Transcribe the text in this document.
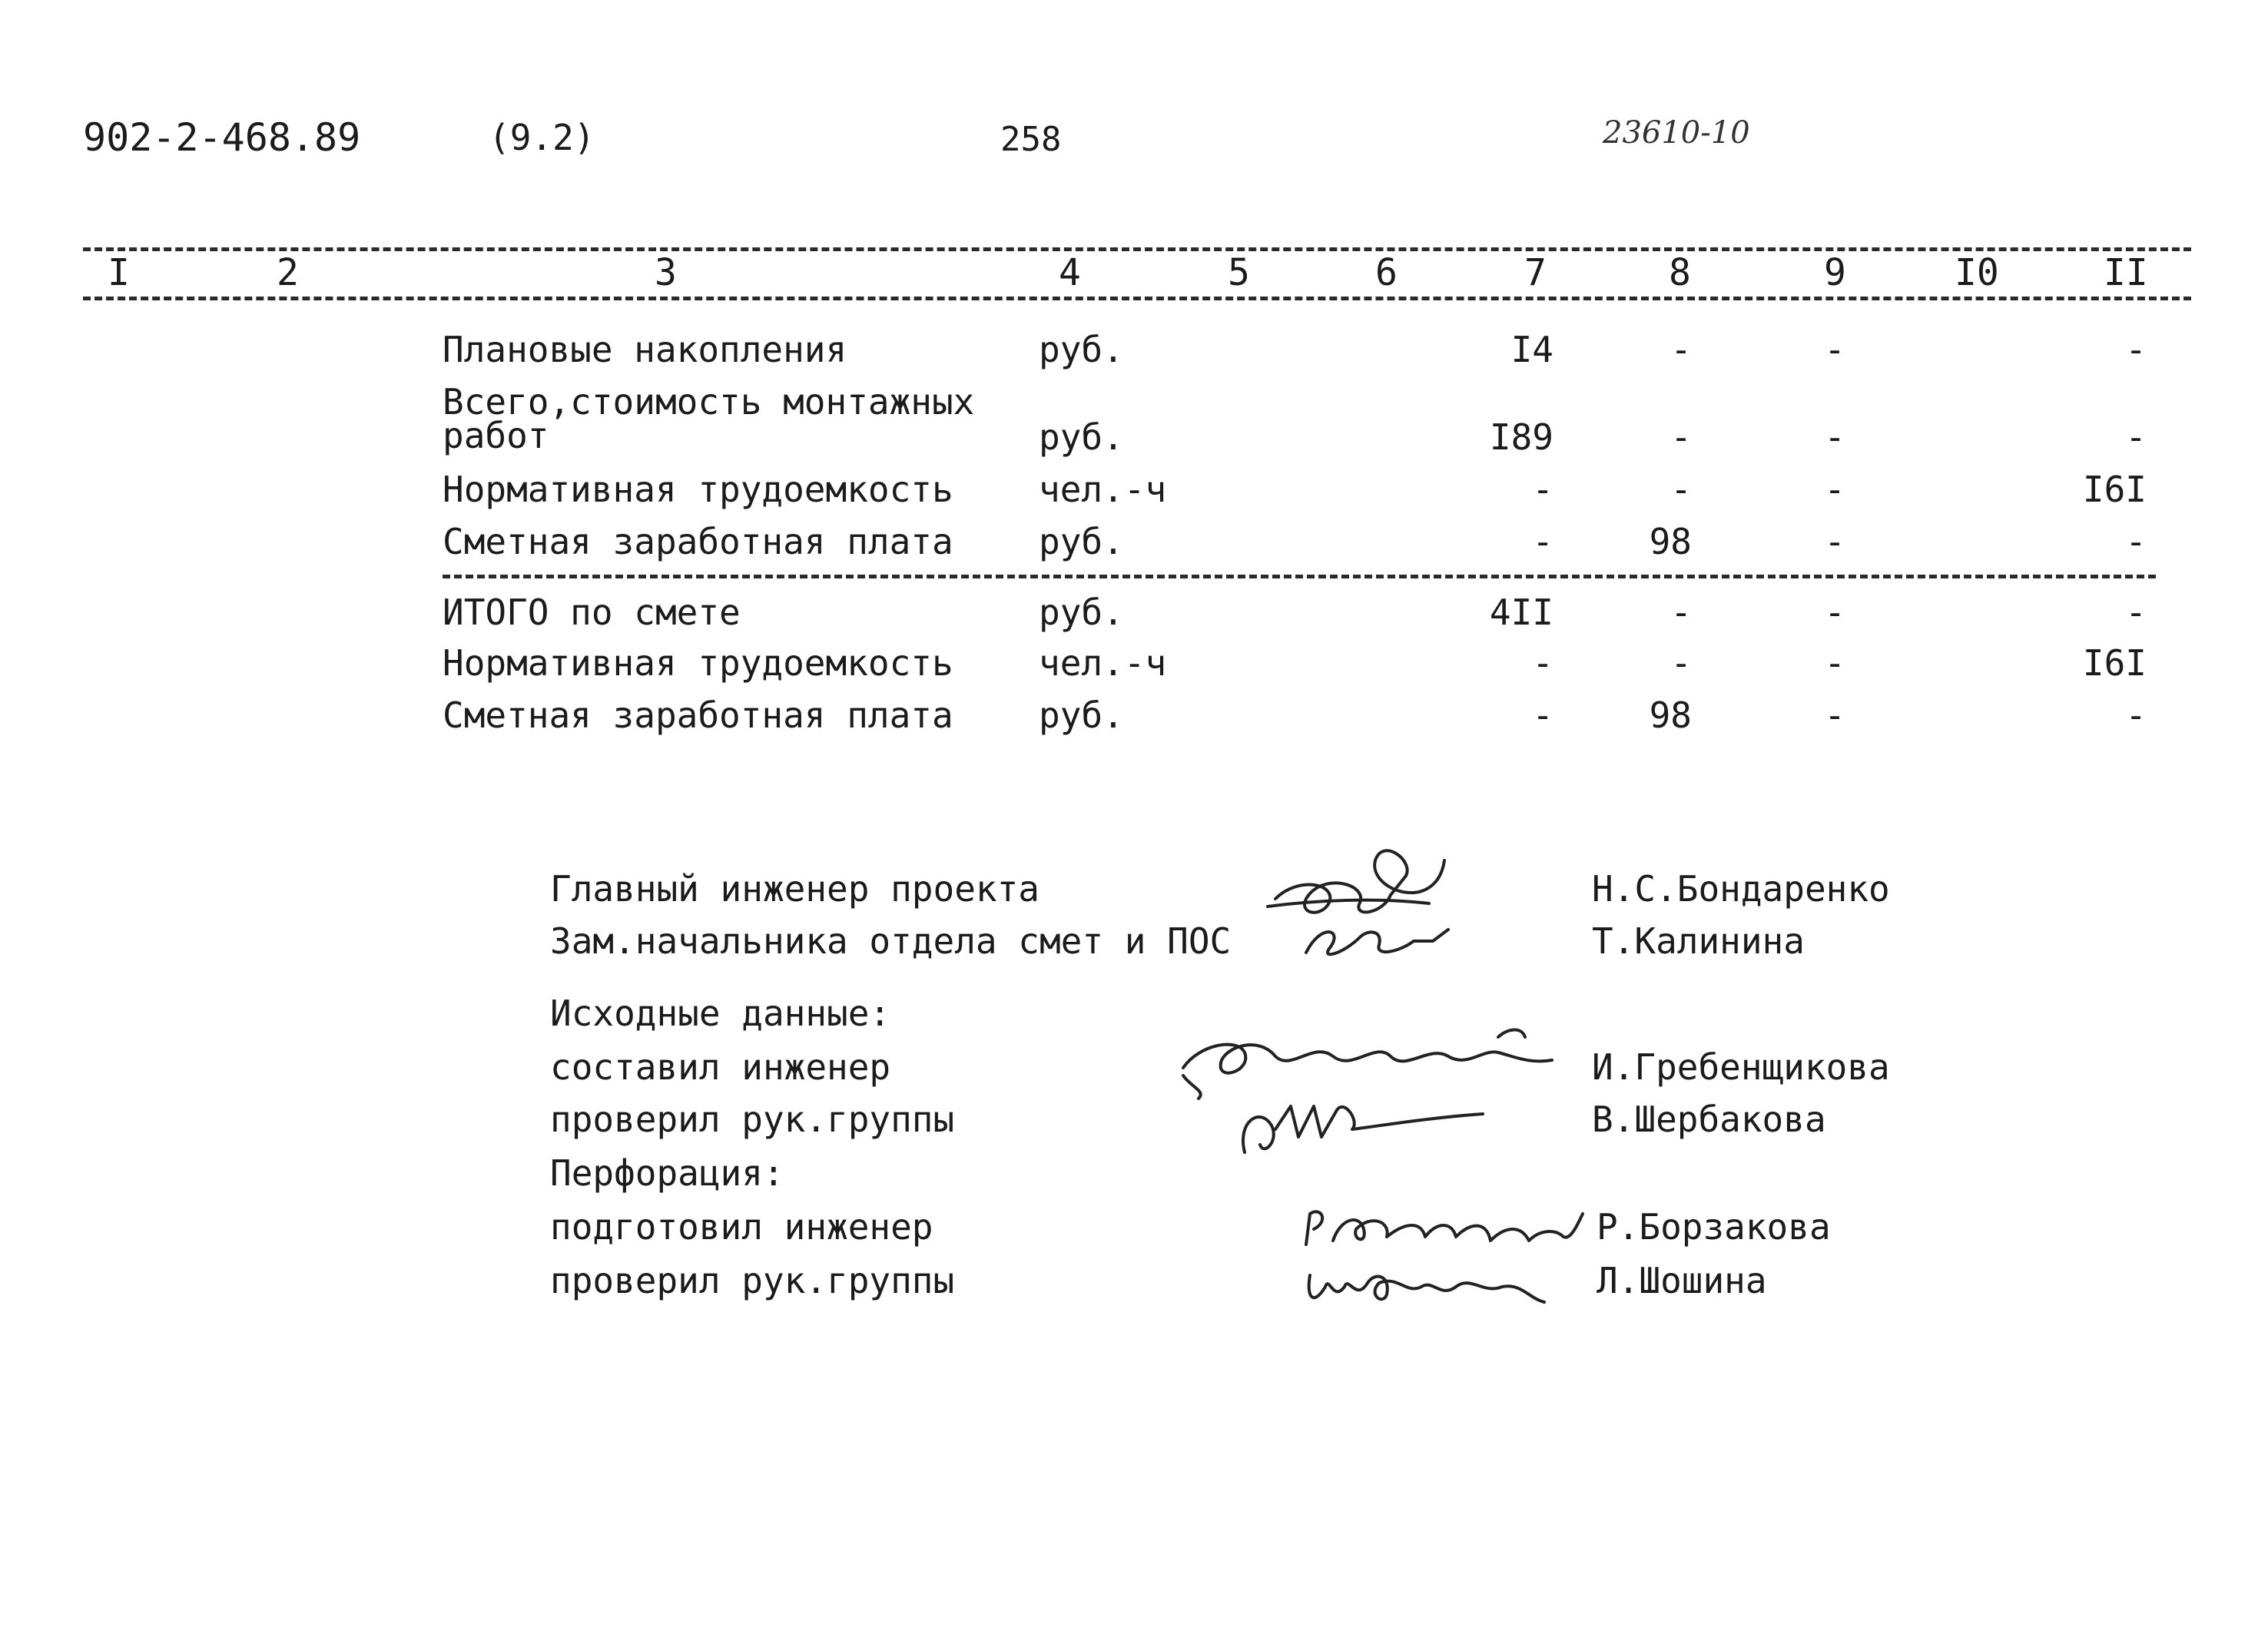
902-2-468.89	(9.2)	258	23610-10
I	2	3	4	5	6	7	8	9	I0	II
Плановые накопления	руб.	I4	-	-	-
Всего,стоимость монтажных
работ	руб.	I89	-	-	-
Нормативная трудоемкость чел.-ч	-	-	-	I6I
Сметная заработная плата руб.	-	98	-	-
ИТОГО по смете	руб.	4II	-	-	-
Нормативная трудоемкость чел.-ч	-	-	-	I6I
Сметная заработная плата руб.	-	98	-	-
Главный инженер проекта	Н.С.Бондаренко
Зам.начальника отдела смет и ПОС	Т.Калинина
Исходные данные:
составил инженер	И.Гребенщикова
проверил рук.группы	В.Шербакова
Перфорация:
подготовил инженер	Р.Борзакова
проверил рук.группы	Л.Шошина
